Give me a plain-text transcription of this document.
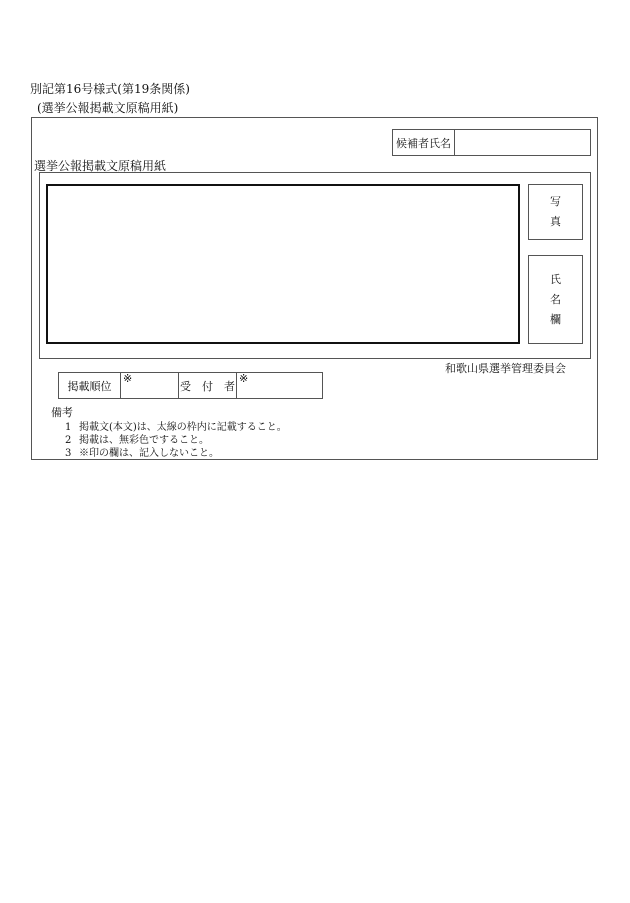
別記第16号様式(第19条関係)
(選挙公報掲載文原稿用紙)
候補者氏名
選挙公報掲載文原稿用紙
写
真
氏
名
欄
和歌山県選挙管理委員会
掲載順位
※
受　付　者
※
備考
1 掲載文(本文)は、太線の枠内に記載すること。
2 掲載は、無彩色ですること。
3 ※印の欄は、記入しないこと。
